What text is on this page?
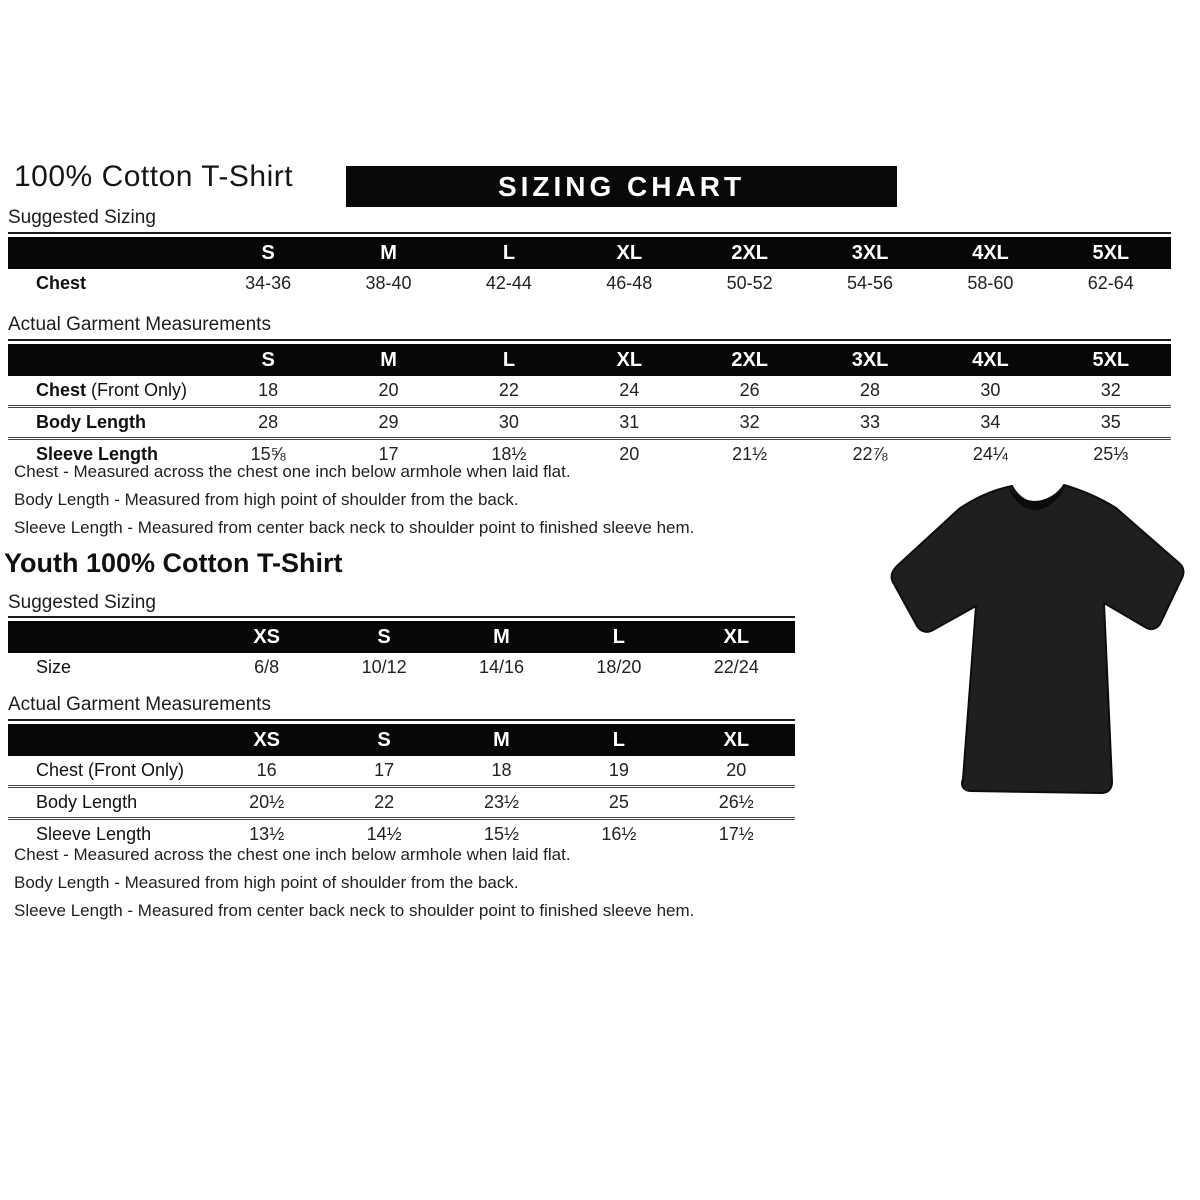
100% Cotton T-Shirt	SIZING CHART

Suggested Sizing

S	M	L	XL	2XL	3XL	4XL	5XL
Chest	34-36	38-40	42-44	46-48	50-52	54-56	58-60	62-64

Actual Garment Measurements

S	M	L	XL	2XL	3XL	4XL	5XL
Chest (Front Only)	18	20	22	24	26	28	30	32
Body Length	28	29	30	31	32	33	34	35
Sleeve Length	15⅝	17	18½	20	21½	22⅞	24¼	25⅓

Chest - Measured across the chest one inch below armhole when laid flat.

Body Length - Measured from high point of shoulder from the back.

Sleeve Length - Measured from center back neck to shoulder point to finished sleeve hem.

Youth 100% Cotton T-Shirt

Suggested Sizing

XS	S	M	L	XL
Size	6/8	10/12	14/16	18/20	22/24

Actual Garment Measurements

XS	S	M	L	XL
Chest (Front Only)	16	17	18	19	20
Body Length	20½	22	23½	25	26½
Sleeve Length	13½	14½	15½	16½	17½

Chest - Measured across the chest one inch below armhole when laid flat.

Body Length - Measured from high point of shoulder from the back.

Sleeve Length - Measured from center back neck to shoulder point to finished sleeve hem.
